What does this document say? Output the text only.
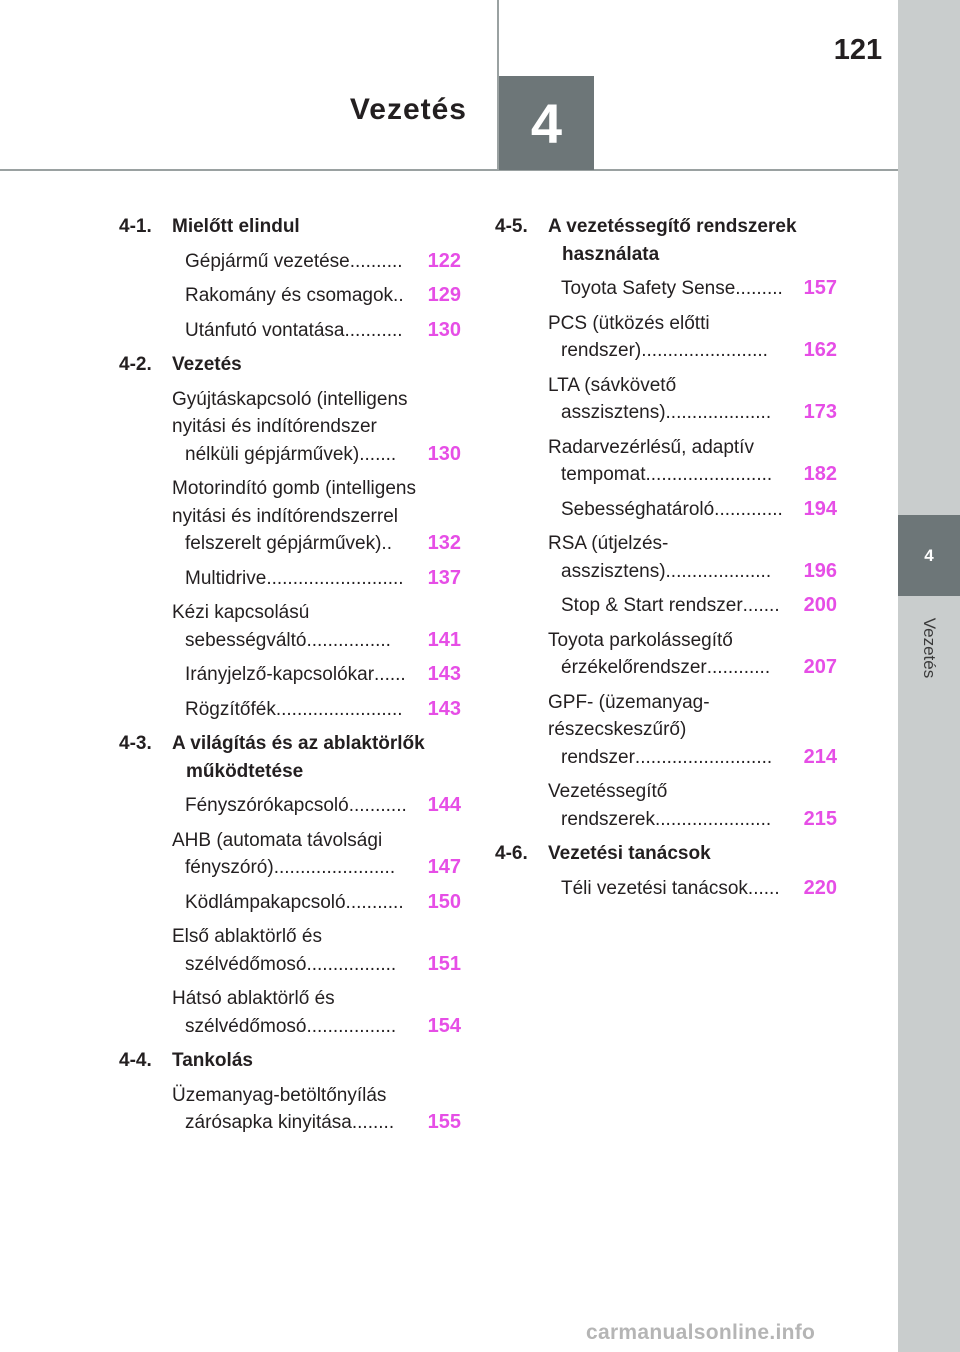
121
Vezetés	4
4
Vezetés
4-1.	Mielőtt elindul
Gépjármű vezetése ..........	122
Rakomány és csomagok ..	129
Utánfutó vontatása ...........	130
4-2.	Vezetés
Gyújtáskapcsoló (intelligens
nyitási és indítórendszer
nélküli gépjárművek) .......	130
Motorindító gomb (intelligens
nyitási és indítórendszerrel
felszerelt gépjárművek) ..	132
Multidrive ..........................	137
Kézi kapcsolású
sebességváltó ................	141
Irányjelző-kapcsolókar ......	143
Rögzítőfék ........................	143
4-3.	A világítás és az ablaktörlők működtetése
Fényszórókapcsoló ...........	144
AHB (automata távolsági
fényszóró) .......................	147
Ködlámpakapcsoló ...........	150
Első ablaktörlő és
szélvédőmosó .................	151
Hátsó ablaktörlő és
szélvédőmosó .................	154
4-4.	Tankolás
Üzemanyag-betöltőnyílás
zárósapka kinyitása ........	155
4-5.	A vezetéssegítő rendszerek használata
Toyota Safety Sense .........	157
PCS (ütközés előtti
rendszer) ........................	162
LTA (sávkövető
asszisztens) ....................	173
Radarvezérlésű, adaptív
tempomat ........................	182
Sebességhatároló .............	194
RSA (útjelzés-
asszisztens) ....................	196
Stop & Start rendszer .......	200
Toyota parkolássegítő
érzékelőrendszer ............	207
GPF- (üzemanyag-
részecskeszűrő)
rendszer ..........................	214
Vezetéssegítő
rendszerek ......................	215
4-6.	Vezetési tanácsok
Téli vezetési tanácsok ......	220
carmanualsonline.info
